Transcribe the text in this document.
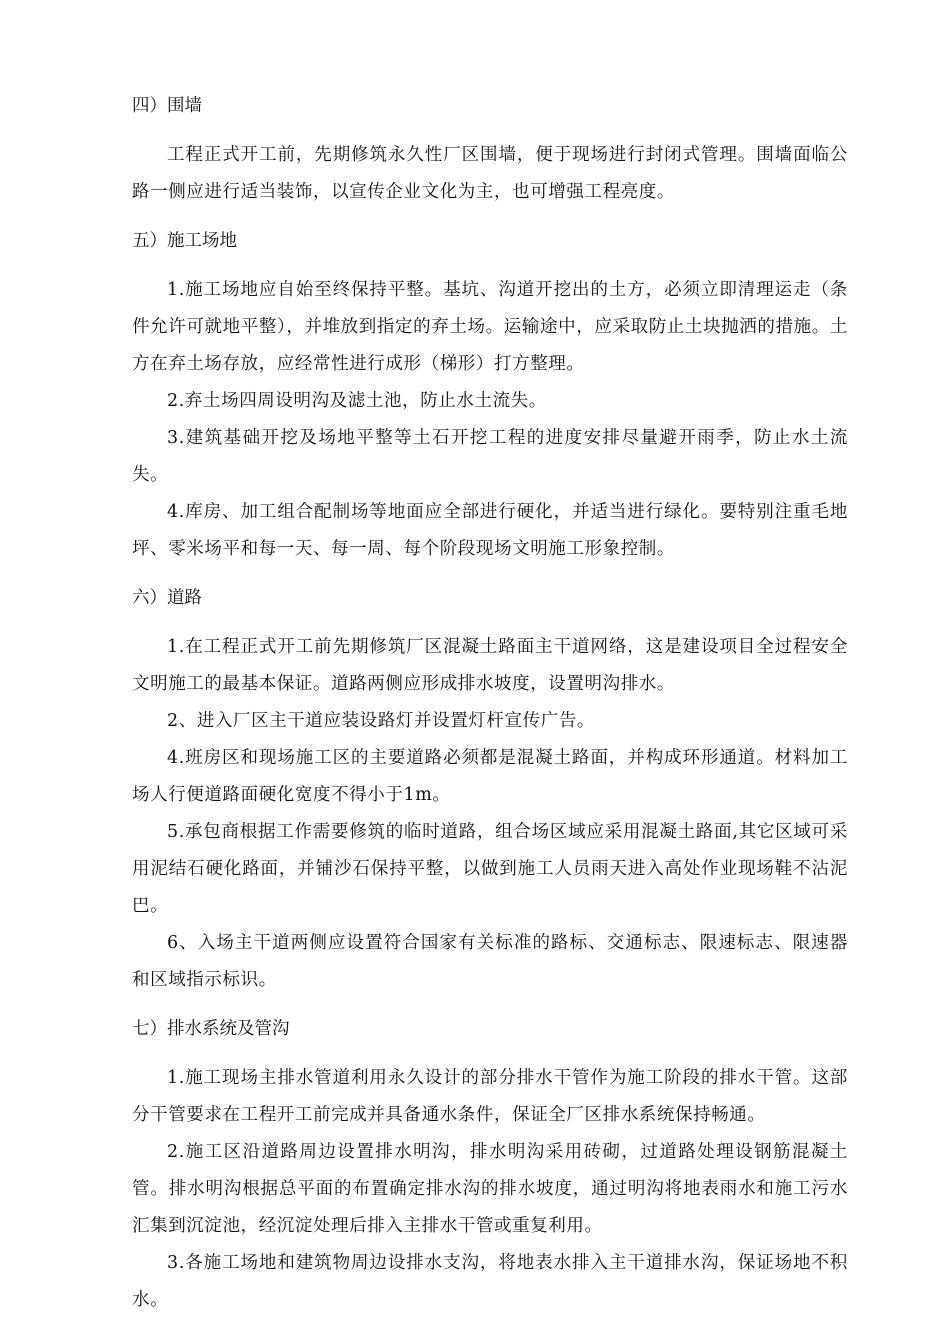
四）围墙

工程正式开工前，先期修筑永久性厂区围墙，便于现场进行封闭式管理。围墙面临公路一侧应进行适当装饰，以宣传企业文化为主，也可增强工程亮度。

五）施工场地

1.施工场地应自始至终保持平整。基坑、沟道开挖出的土方，必须立即清理运走（条件允许可就地平整），并堆放到指定的弃土场。运输途中，应采取防止土块抛洒的措施。土方在弃土场存放，应经常性进行成形（梯形）打方整理。

2.弃土场四周设明沟及滤土池，防止水土流失。

3.建筑基础开挖及场地平整等土石开挖工程的进度安排尽量避开雨季，防止水土流失。

4.库房、加工组合配制场等地面应全部进行硬化，并适当进行绿化。要特别注重毛地坪、零米场平和每一天、每一周、每个阶段现场文明施工形象控制。

六）道路

1.在工程正式开工前先期修筑厂区混凝土路面主干道网络，这是建设项目全过程安全文明施工的最基本保证。道路两侧应形成排水坡度，设置明沟排水。

2、进入厂区主干道应装设路灯并设置灯杆宣传广告。

4.班房区和现场施工区的主要道路必须都是混凝土路面，并构成环形通道。材料加工场人行便道路面硬化宽度不得小于1m。

5.承包商根据工作需要修筑的临时道路，组合场区域应采用混凝土路面,其它区域可采用泥结石硬化路面，并铺沙石保持平整，以做到施工人员雨天进入高处作业现场鞋不沾泥巴。

6、入场主干道两侧应设置符合国家有关标准的路标、交通标志、限速标志、限速器和区域指示标识。

七）排水系统及管沟

1.施工现场主排水管道利用永久设计的部分排水干管作为施工阶段的排水干管。这部分干管要求在工程开工前完成并具备通水条件，保证全厂区排水系统保持畅通。

2.施工区沿道路周边设置排水明沟，排水明沟采用砖砌，过道路处理设钢筋混凝土管。排水明沟根据总平面的布置确定排水沟的排水坡度，通过明沟将地表雨水和施工污水汇集到沉淀池，经沉淀处理后排入主排水干管或重复利用。

3.各施工场地和建筑物周边设排水支沟，将地表水排入主干道排水沟，保证场地不积水。
